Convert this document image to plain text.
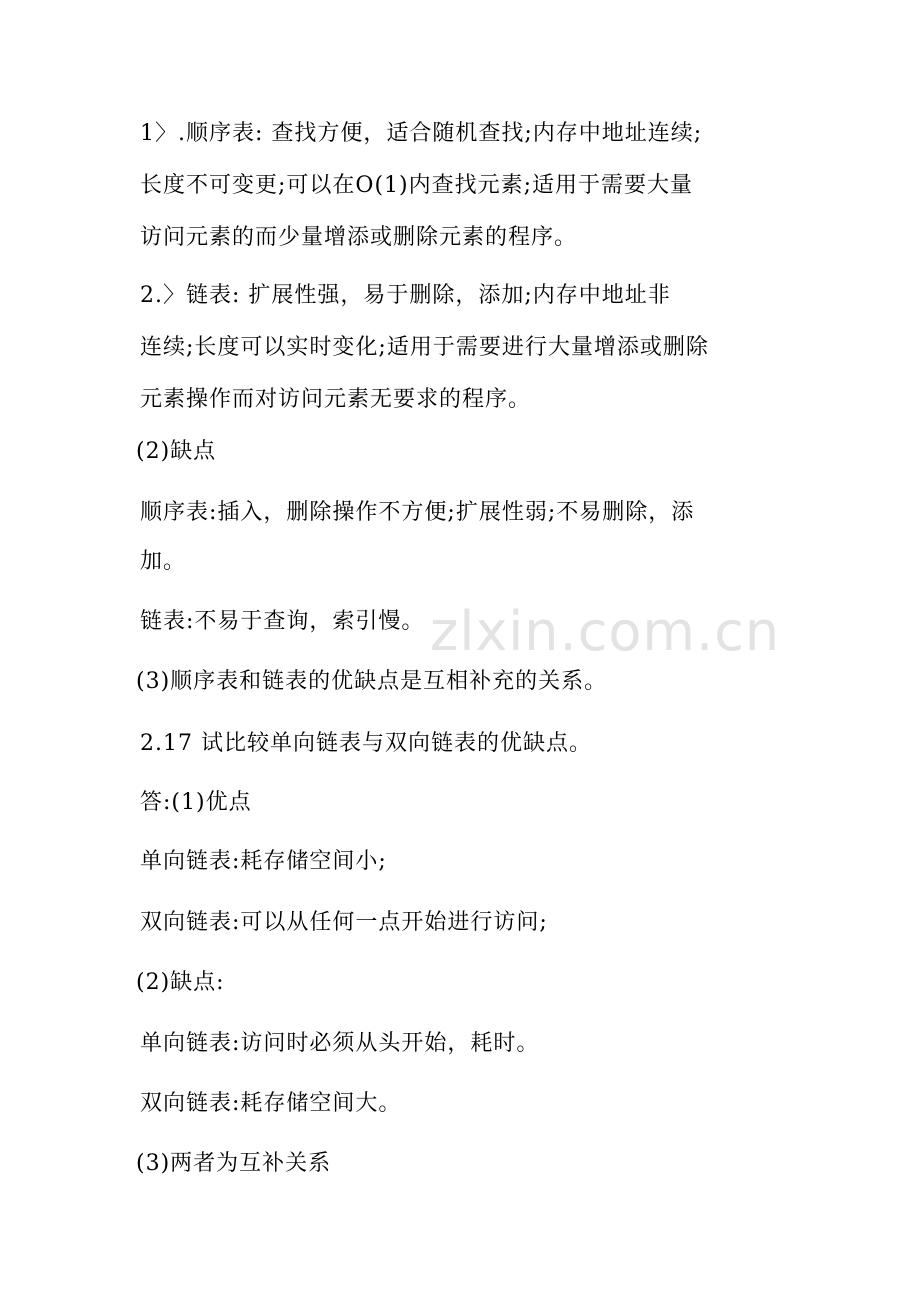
zlxin.com.cn
1〉.顺序表: 查找方便，适合随机查找;内存中地址连续;
长度不可变更;可以在O(1)内查找元素;适用于需要大量
访问元素的而少量增添或删除元素的程序。
2.〉链表: 扩展性强，易于删除，添加;内存中地址非
连续;长度可以实时变化;适用于需要进行大量增添或删除
元素操作而对访问元素无要求的程序。
(2)缺点
顺序表:插入，删除操作不方便;扩展性弱;不易删除，添
加。
链表:不易于查询，索引慢。
(3)顺序表和链表的优缺点是互相补充的关系。
2.17 试比较单向链表与双向链表的优缺点。
答:(1)优点
单向链表:耗存储空间小;
双向链表:可以从任何一点开始进行访问;
(2)缺点:
单向链表:访问时必须从头开始，耗时。
双向链表:耗存储空间大。
(3)两者为互补关系
